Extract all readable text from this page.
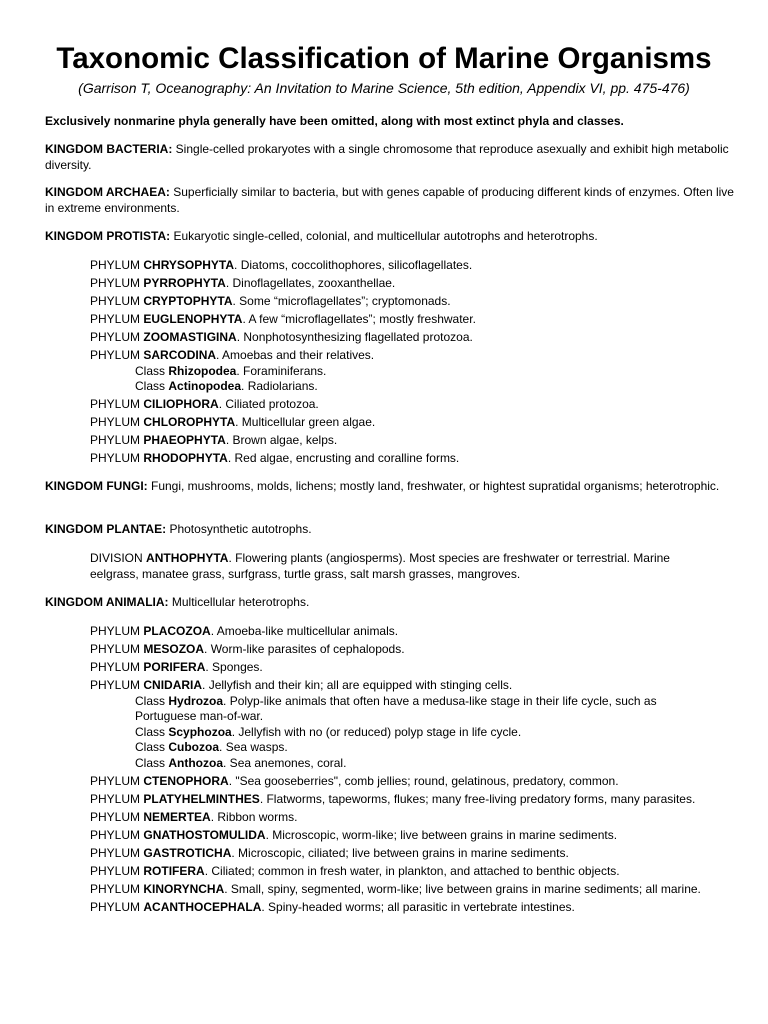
Taxonomic Classification of Marine Organisms
(Garrison T, Oceanography: An Invitation to Marine Science, 5th edition, Appendix VI, pp. 475-476)
Exclusively nonmarine phyla generally have been omitted, along with most extinct phyla and classes.
KINGDOM BACTERIA: Single-celled prokaryotes with a single chromosome that reproduce asexually and exhibit high metabolic diversity.
KINGDOM ARCHAEA: Superficially similar to bacteria, but with genes capable of producing different kinds of enzymes. Often live in extreme environments.
KINGDOM PROTISTA: Eukaryotic single-celled, colonial, and multicellular autotrophs and heterotrophs.
PHYLUM CHRYSOPHYTA. Diatoms, coccolithophores, silicoflagellates.
PHYLUM PYRROPHYTA. Dinoflagellates, zooxanthellae.
PHYLUM CRYPTOPHYTA. Some “microflagellates”; cryptomonads.
PHYLUM EUGLENOPHYTA. A few “microflagellates”; mostly freshwater.
PHYLUM ZOOMASTIGINA. Nonphotosynthesizing flagellated protozoa.
PHYLUM SARCODINA. Amoebas and their relatives.
Class Rhizopodea. Foraminiferans.
Class Actinopodea. Radiolarians.
PHYLUM CILIOPHORA. Ciliated protozoa.
PHYLUM CHLOROPHYTA. Multicellular green algae.
PHYLUM PHAEOPHYTA. Brown algae, kelps.
PHYLUM RHODOPHYTA. Red algae, encrusting and coralline forms.
KINGDOM FUNGI: Fungi, mushrooms, molds, lichens; mostly land, freshwater, or hightest supratidal organisms; heterotrophic.
KINGDOM PLANTAE: Photosynthetic autotrophs.
DIVISION ANTHOPHYTA. Flowering plants (angiosperms). Most species are freshwater or terrestrial. Marine eelgrass, manatee grass, surfgrass, turtle grass, salt marsh grasses, mangroves.
KINGDOM ANIMALIA: Multicellular heterotrophs.
PHYLUM PLACOZOA. Amoeba-like multicellular animals.
PHYLUM MESOZOA. Worm-like parasites of cephalopods.
PHYLUM PORIFERA. Sponges.
PHYLUM CNIDARIA. Jellyfish and their kin; all are equipped with stinging cells.
Class Hydrozoa. Polyp-like animals that often have a medusa-like stage in their life cycle, such as Portuguese man-of-war.
Class Scyphozoa. Jellyfish with no (or reduced) polyp stage in life cycle.
Class Cubozoa. Sea wasps.
Class Anthozoa. Sea anemones, coral.
PHYLUM CTENOPHORA. "Sea gooseberries", comb jellies; round, gelatinous, predatory, common.
PHYLUM PLATYHELMINTHES. Flatworms, tapeworms, flukes; many free-living predatory forms, many parasites.
PHYLUM NEMERTEA. Ribbon worms.
PHYLUM GNATHOSTOMULIDA. Microscopic, worm-like; live between grains in marine sediments.
PHYLUM GASTROTICHA. Microscopic, ciliated; live between grains in marine sediments.
PHYLUM ROTIFERA. Ciliated; common in fresh water, in plankton, and attached to benthic objects.
PHYLUM KINORYNCHA. Small, spiny, segmented, worm-like; live between grains in marine sediments; all marine.
PHYLUM ACANTHOCEPHALA. Spiny-headed worms; all parasitic in vertebrate intestines.
